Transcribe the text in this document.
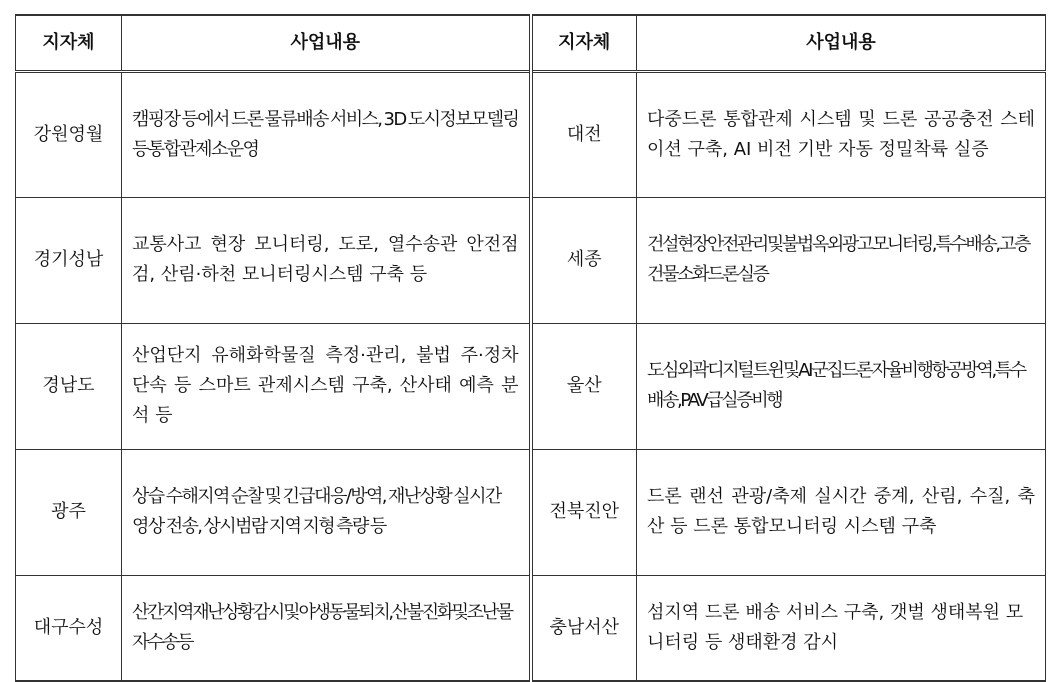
지자체	사업내용	지자체	사업내용
강원영월	캠핑장 등에서 드론 물류배송 서비스, 3D 도시정보모델링등통합관제소운영	대전	다중드론 통합관제 시스템 및 드론 공공충전 스테이션 구축, AI 비전 기반 자동 정밀착륙 실증
경기성남	교통사고 현장 모니터링, 도로, 열수송관 안전점검, 산림·하천 모니터링시스템 구축 등	세종	건설현장안전관리및불법옥외광고모니터링, 특수배송, 고층건물 소화드론 실증
경남도	산업단지 유해화학물질 측정·관리, 불법 주·정차 단속 등 스마트 관제시스템 구축, 산사태 예측 분석 등	울산	도심외곽 디지털 트윈 및 AI 군집드론 자율비행항공방역,특수배송,PAV급실증비행
광주	상습 수해지역 순찰 및 긴급대응/방역, 재난상황 실시간 영상 전송, 상시범람 지역 지형 측량 등	전북진안	드론 랜선 관광/축제 실시간 중계, 산림, 수질, 축산 등 드론 통합모니터링 시스템 구축
대구수성	산간지역 재난 상황 감시 및 야생동물퇴치,산불진화및조난물자수송등	충남서산	섬지역 드론 배송 서비스 구축, 갯벌 생태복원 모니터링 등 생태환경 감시
